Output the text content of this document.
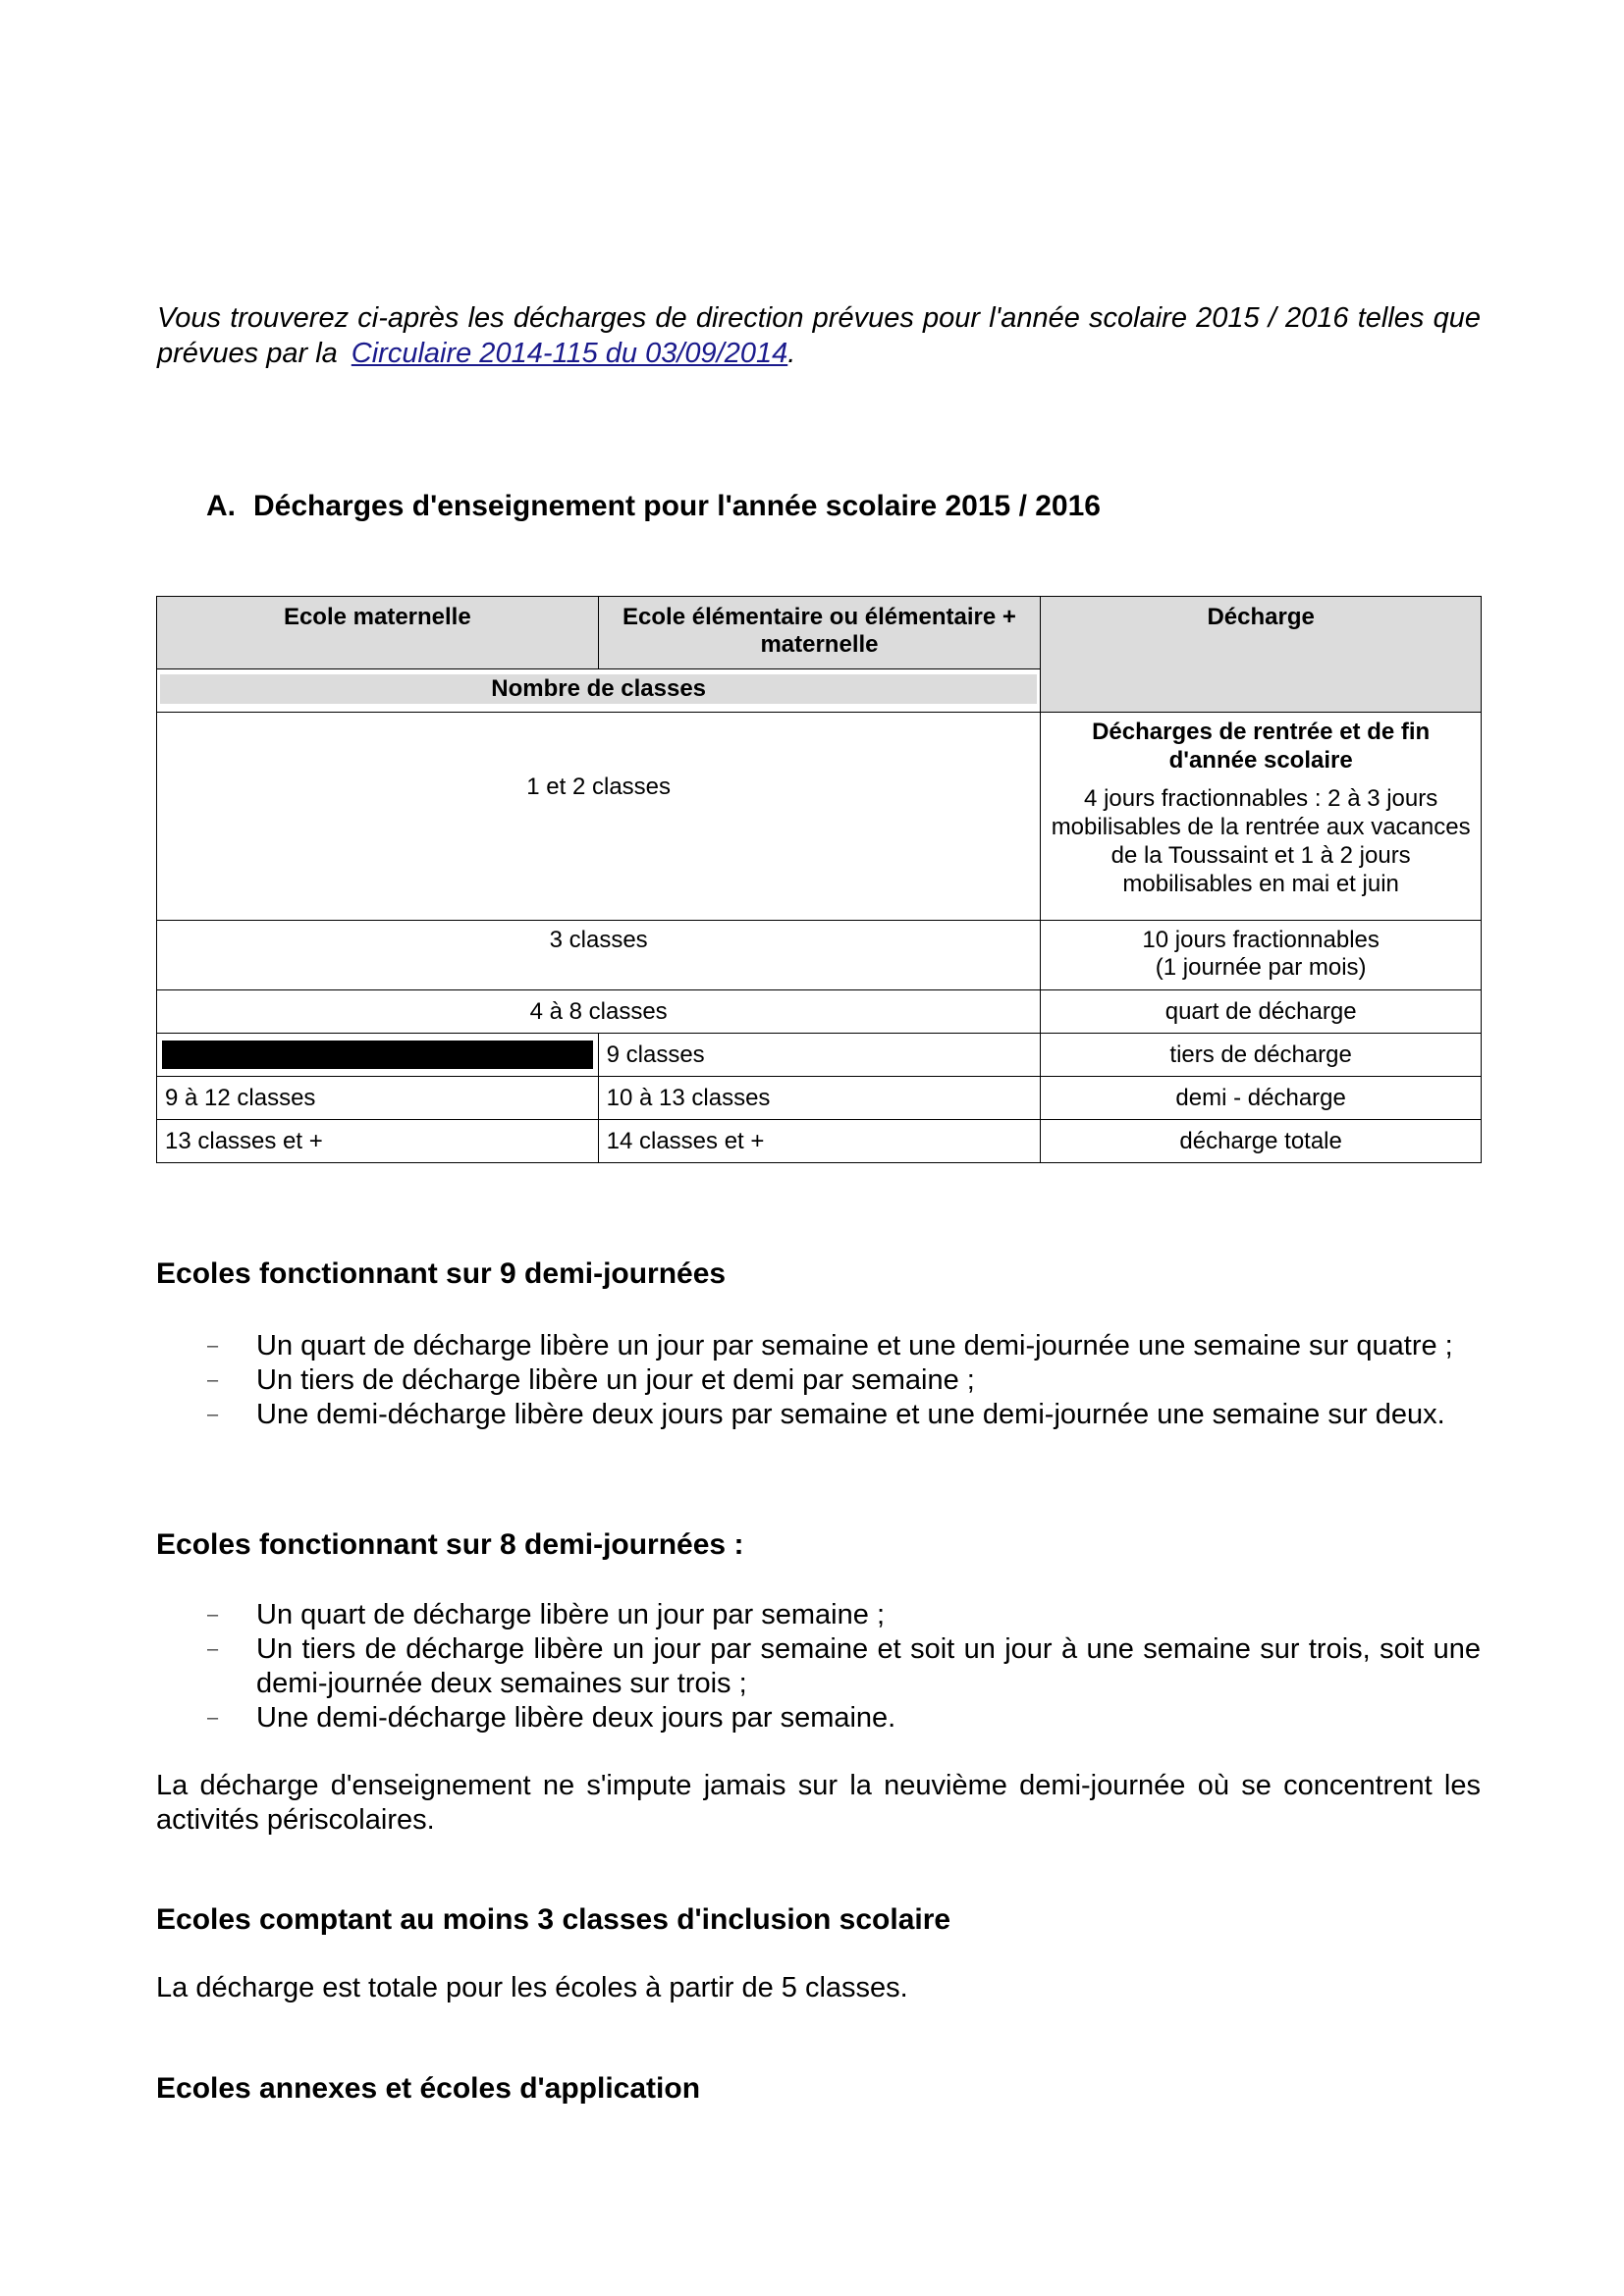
Vous trouverez ci-après les décharges de direction prévues pour l'année scolaire 2015 / 2016 telles que prévues par la Circulaire 2014-115 du 03/09/2014.
A. Décharges d'enseignement pour l'année scolaire 2015 / 2016
Ecole maternelle	Ecole élémentaire ou élémentaire + maternelle	Décharge

Nombre de classes		

1 et 2 classes		Décharges de rentrée et de fin d'année scolaire
4 jours fractionnables : 2 à 3 jours mobilisables de la rentrée aux vacances de la Toussaint et 1 à 2 jours mobilisables en mai et juin

3 classes		10 jours fractionnables
(1 journée par mois)

4 à 8 classes		quart de décharge

	9 classes	tiers de décharge
9 à 12 classes	10 à 13 classes	demi - décharge
13 classes et +	14 classes et +	décharge totale
Ecoles fonctionnant sur 9 demi-journées
– Un quart de décharge libère un jour par semaine et une demi-journée une semaine sur quatre ;
– Un tiers de décharge libère un jour et demi par semaine ;
– Une demi-décharge libère deux jours par semaine et une demi-journée une semaine sur deux.
Ecoles fonctionnant sur 8 demi-journées :
– Un quart de décharge libère un jour par semaine ;
– Un tiers de décharge libère un jour par semaine et soit un jour à une semaine sur trois, soit une demi-journée deux semaines sur trois ;
– Une demi-décharge libère deux jours par semaine.
La décharge d'enseignement ne s'impute jamais sur la neuvième demi-journée où se concentrent les activités périscolaires.
Ecoles comptant au moins 3 classes d'inclusion scolaire
La décharge est totale pour les écoles à partir de 5 classes.
Ecoles annexes et écoles d'application
